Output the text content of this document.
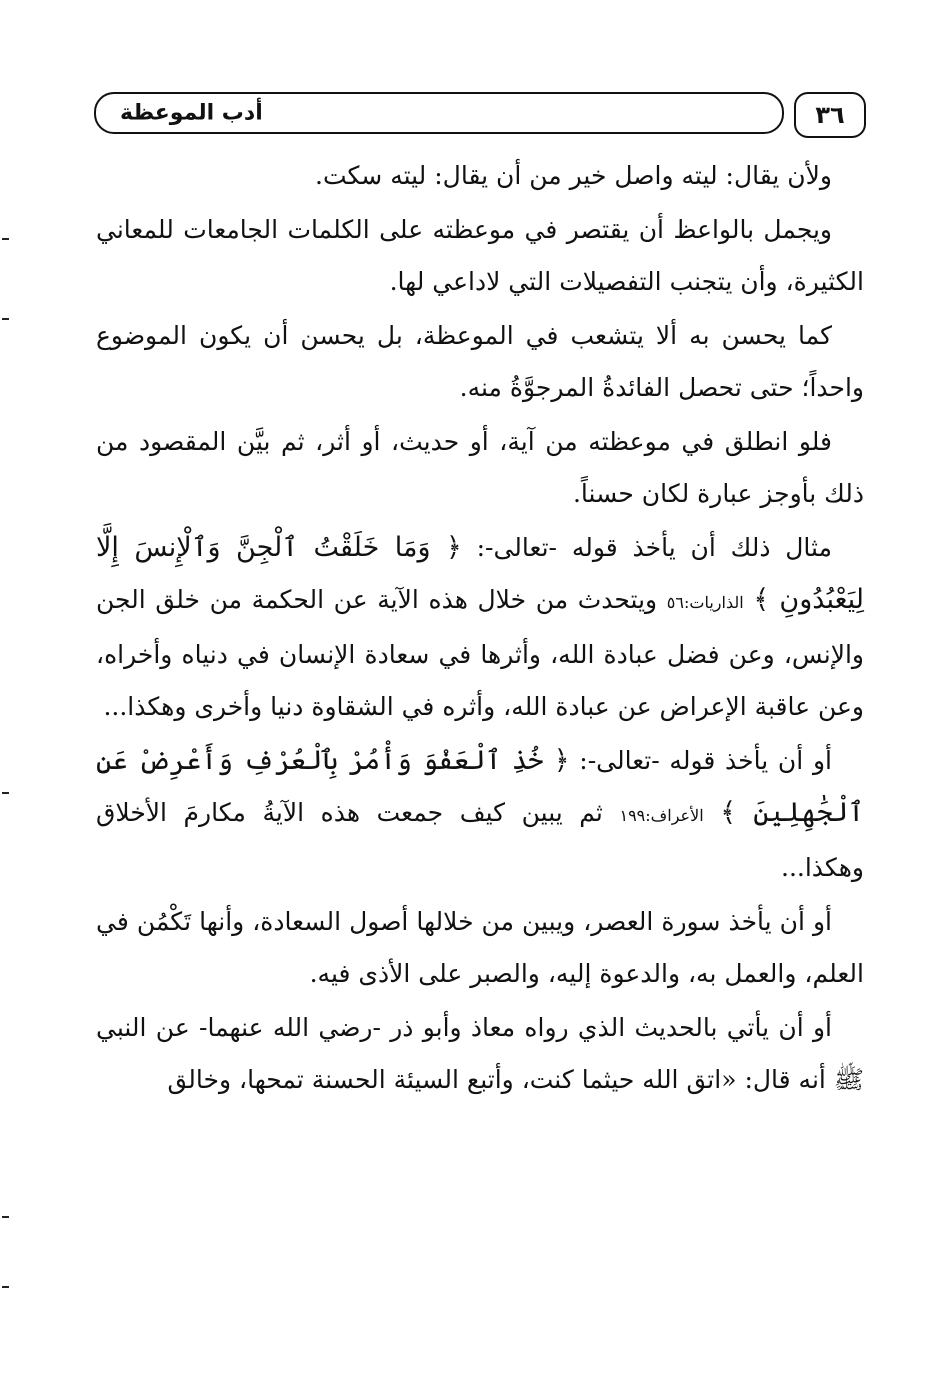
٣٦
أدب الموعظة

ولأن يقال: ليته واصل خير من أن يقال: ليته سكت.

ويجمل بالواعظ أن يقتصر في موعظته على الكلمات الجامعات للمعاني الكثيرة، وأن يتجنب التفصيلات التي لاداعي لها.

كما يحسن به ألا يتشعب في الموعظة، بل يحسن أن يكون الموضوع واحداً؛ حتى تحصل الفائدةُ المرجوَّةُ منه.

فلو انطلق في موعظته من آية، أو حديث، أو أثر، ثم بيَّن المقصود من ذلك بأوجز عبارة لكان حسناً.

مثال ذلك أن يأخذ قوله -تعالى-: ﴿ وَمَا خَلَقْتُ ٱلْجِنَّ وَٱلْإِنسَ إِلَّا لِيَعْبُدُونِ ﴾ الذاريات:٥٦ ويتحدث من خلال هذه الآية عن الحكمة من خلق الجن والإنس، وعن فضل عبادة الله، وأثرها في سعادة الإنسان في دنياه وأخراه، وعن عاقبة الإعراض عن عبادة الله، وأثره في الشقاوة دنيا وأخرى وهكذا...

أو أن يأخذ قوله -تعالى-: ﴿ خُذِ ٱلْعَفْوَ وَأْمُرْ بِٱلْعُرْفِ وَأَعْرِضْ عَنِ ٱلْجَٰهِلِينَ ﴾ الأعراف:١٩٩ ثم يبين كيف جمعت هذه الآيةُ مكارمَ الأخلاق وهكذا...

أو أن يأخذ سورة العصر، ويبين من خلالها أصول السعادة، وأنها تَكْمُن في العلم، والعمل به، والدعوة إليه، والصبر على الأذى فيه.

أو أن يأتي بالحديث الذي رواه معاذ وأبو ذر -رضي الله عنهما- عن النبي ﷺ أنه قال: «اتق الله حيثما كنت، وأتبع السيئة الحسنة تمحها، وخالق
